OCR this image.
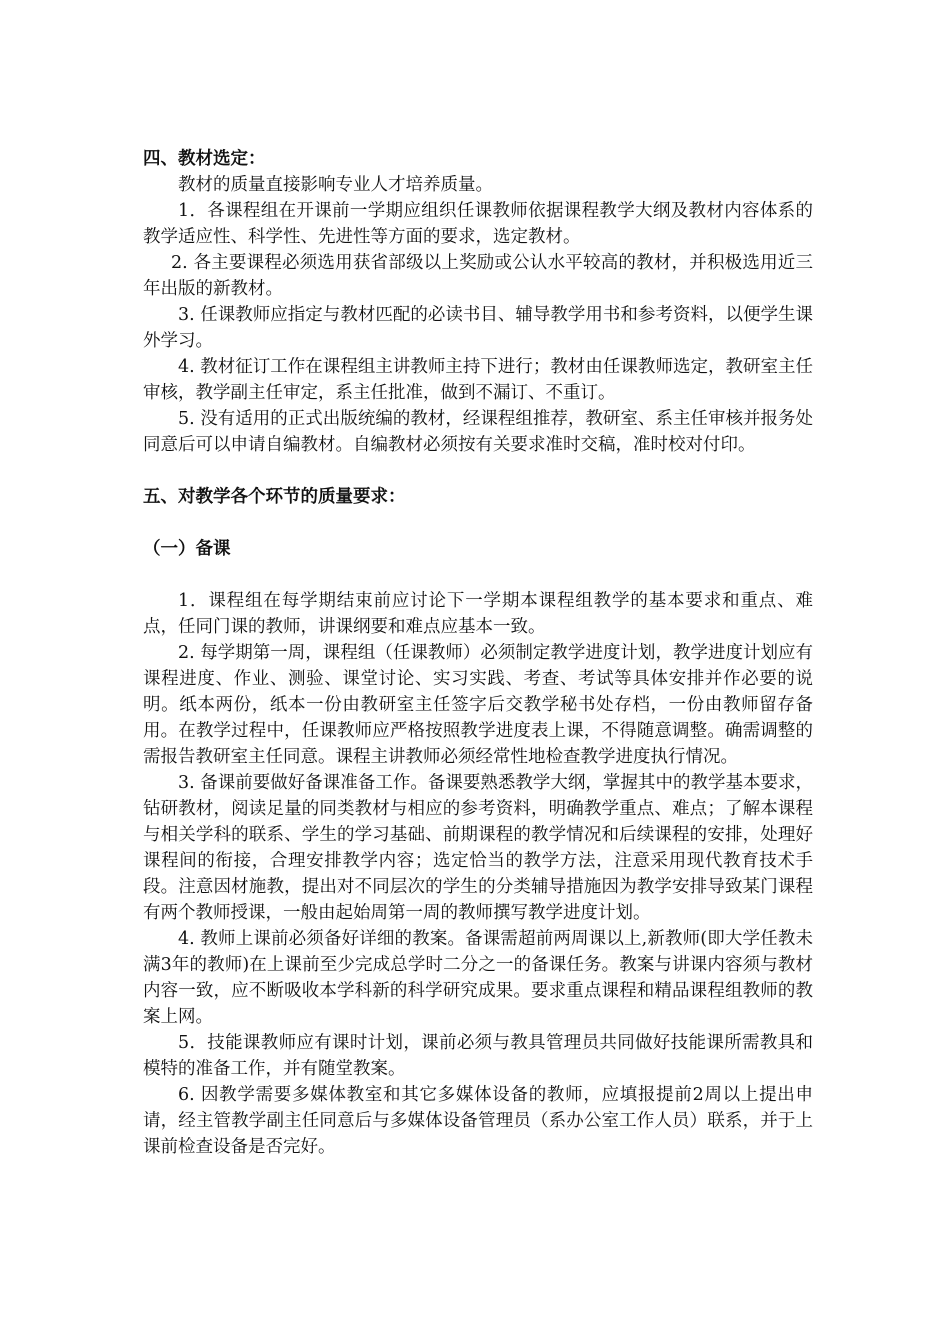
四、教材选定：

教材的质量直接影响专业人才培养质量。

1．各课程组在开课前一学期应组织任课教师依据课程教学大纲及教材内容体系的教学适应性、科学性、先进性等方面的要求，选定教材。

2. 各主要课程必须选用获省部级以上奖励或公认水平较高的教材，并积极选用近三年出版的新教材。

3. 任课教师应指定与教材匹配的必读书目、辅导教学用书和参考资料，以便学生课外学习。

4. 教材征订工作在课程组主讲教师主持下进行；教材由任课教师选定，教研室主任审核，教学副主任审定，系主任批准，做到不漏订、不重订。

5. 没有适用的正式出版统编的教材，经课程组推荐，教研室、系主任审核并报务处同意后可以申请自编教材。自编教材必须按有关要求准时交稿，准时校对付印。

五、对教学各个环节的质量要求：

（一）备课

1．课程组在每学期结束前应讨论下一学期本课程组教学的基本要求和重点、难点，任同门课的教师，讲课纲要和难点应基本一致。

2. 每学期第一周，课程组（任课教师）必须制定教学进度计划，教学进度计划应有课程进度、作业、测验、课堂讨论、实习实践、考查、考试等具体安排并作必要的说明。纸本两份，纸本一份由教研室主任签字后交教学秘书处存档，一份由教师留存备用。在教学过程中，任课教师应严格按照教学进度表上课，不得随意调整。确需调整的需报告教研室主任同意。课程主讲教师必须经常性地检查教学进度执行情况。

3. 备课前要做好备课准备工作。备课要熟悉教学大纲，掌握其中的教学基本要求，钻研教材，阅读足量的同类教材与相应的参考资料，明确教学重点、难点；了解本课程与相关学科的联系、学生的学习基础、前期课程的教学情况和后续课程的安排，处理好课程间的衔接，合理安排教学内容；选定恰当的教学方法，注意采用现代教育技术手段。注意因材施教，提出对不同层次的学生的分类辅导措施因为教学安排导致某门课程有两个教师授课，一般由起始周第一周的教师撰写教学进度计划。

4. 教师上课前必须备好详细的教案。备课需超前两周课以上,新教师(即大学任教未满3年的教师)在上课前至少完成总学时二分之一的备课任务。教案与讲课内容须与教材内容一致，应不断吸收本学科新的科学研究成果。要求重点课程和精品课程组教师的教案上网。

5．技能课教师应有课时计划，课前必须与教具管理员共同做好技能课所需教具和模特的准备工作，并有随堂教案。

6. 因教学需要多媒体教室和其它多媒体设备的教师，应填报提前2周以上提出申请，经主管教学副主任同意后与多媒体设备管理员（系办公室工作人员）联系，并于上课前检查设备是否完好。
